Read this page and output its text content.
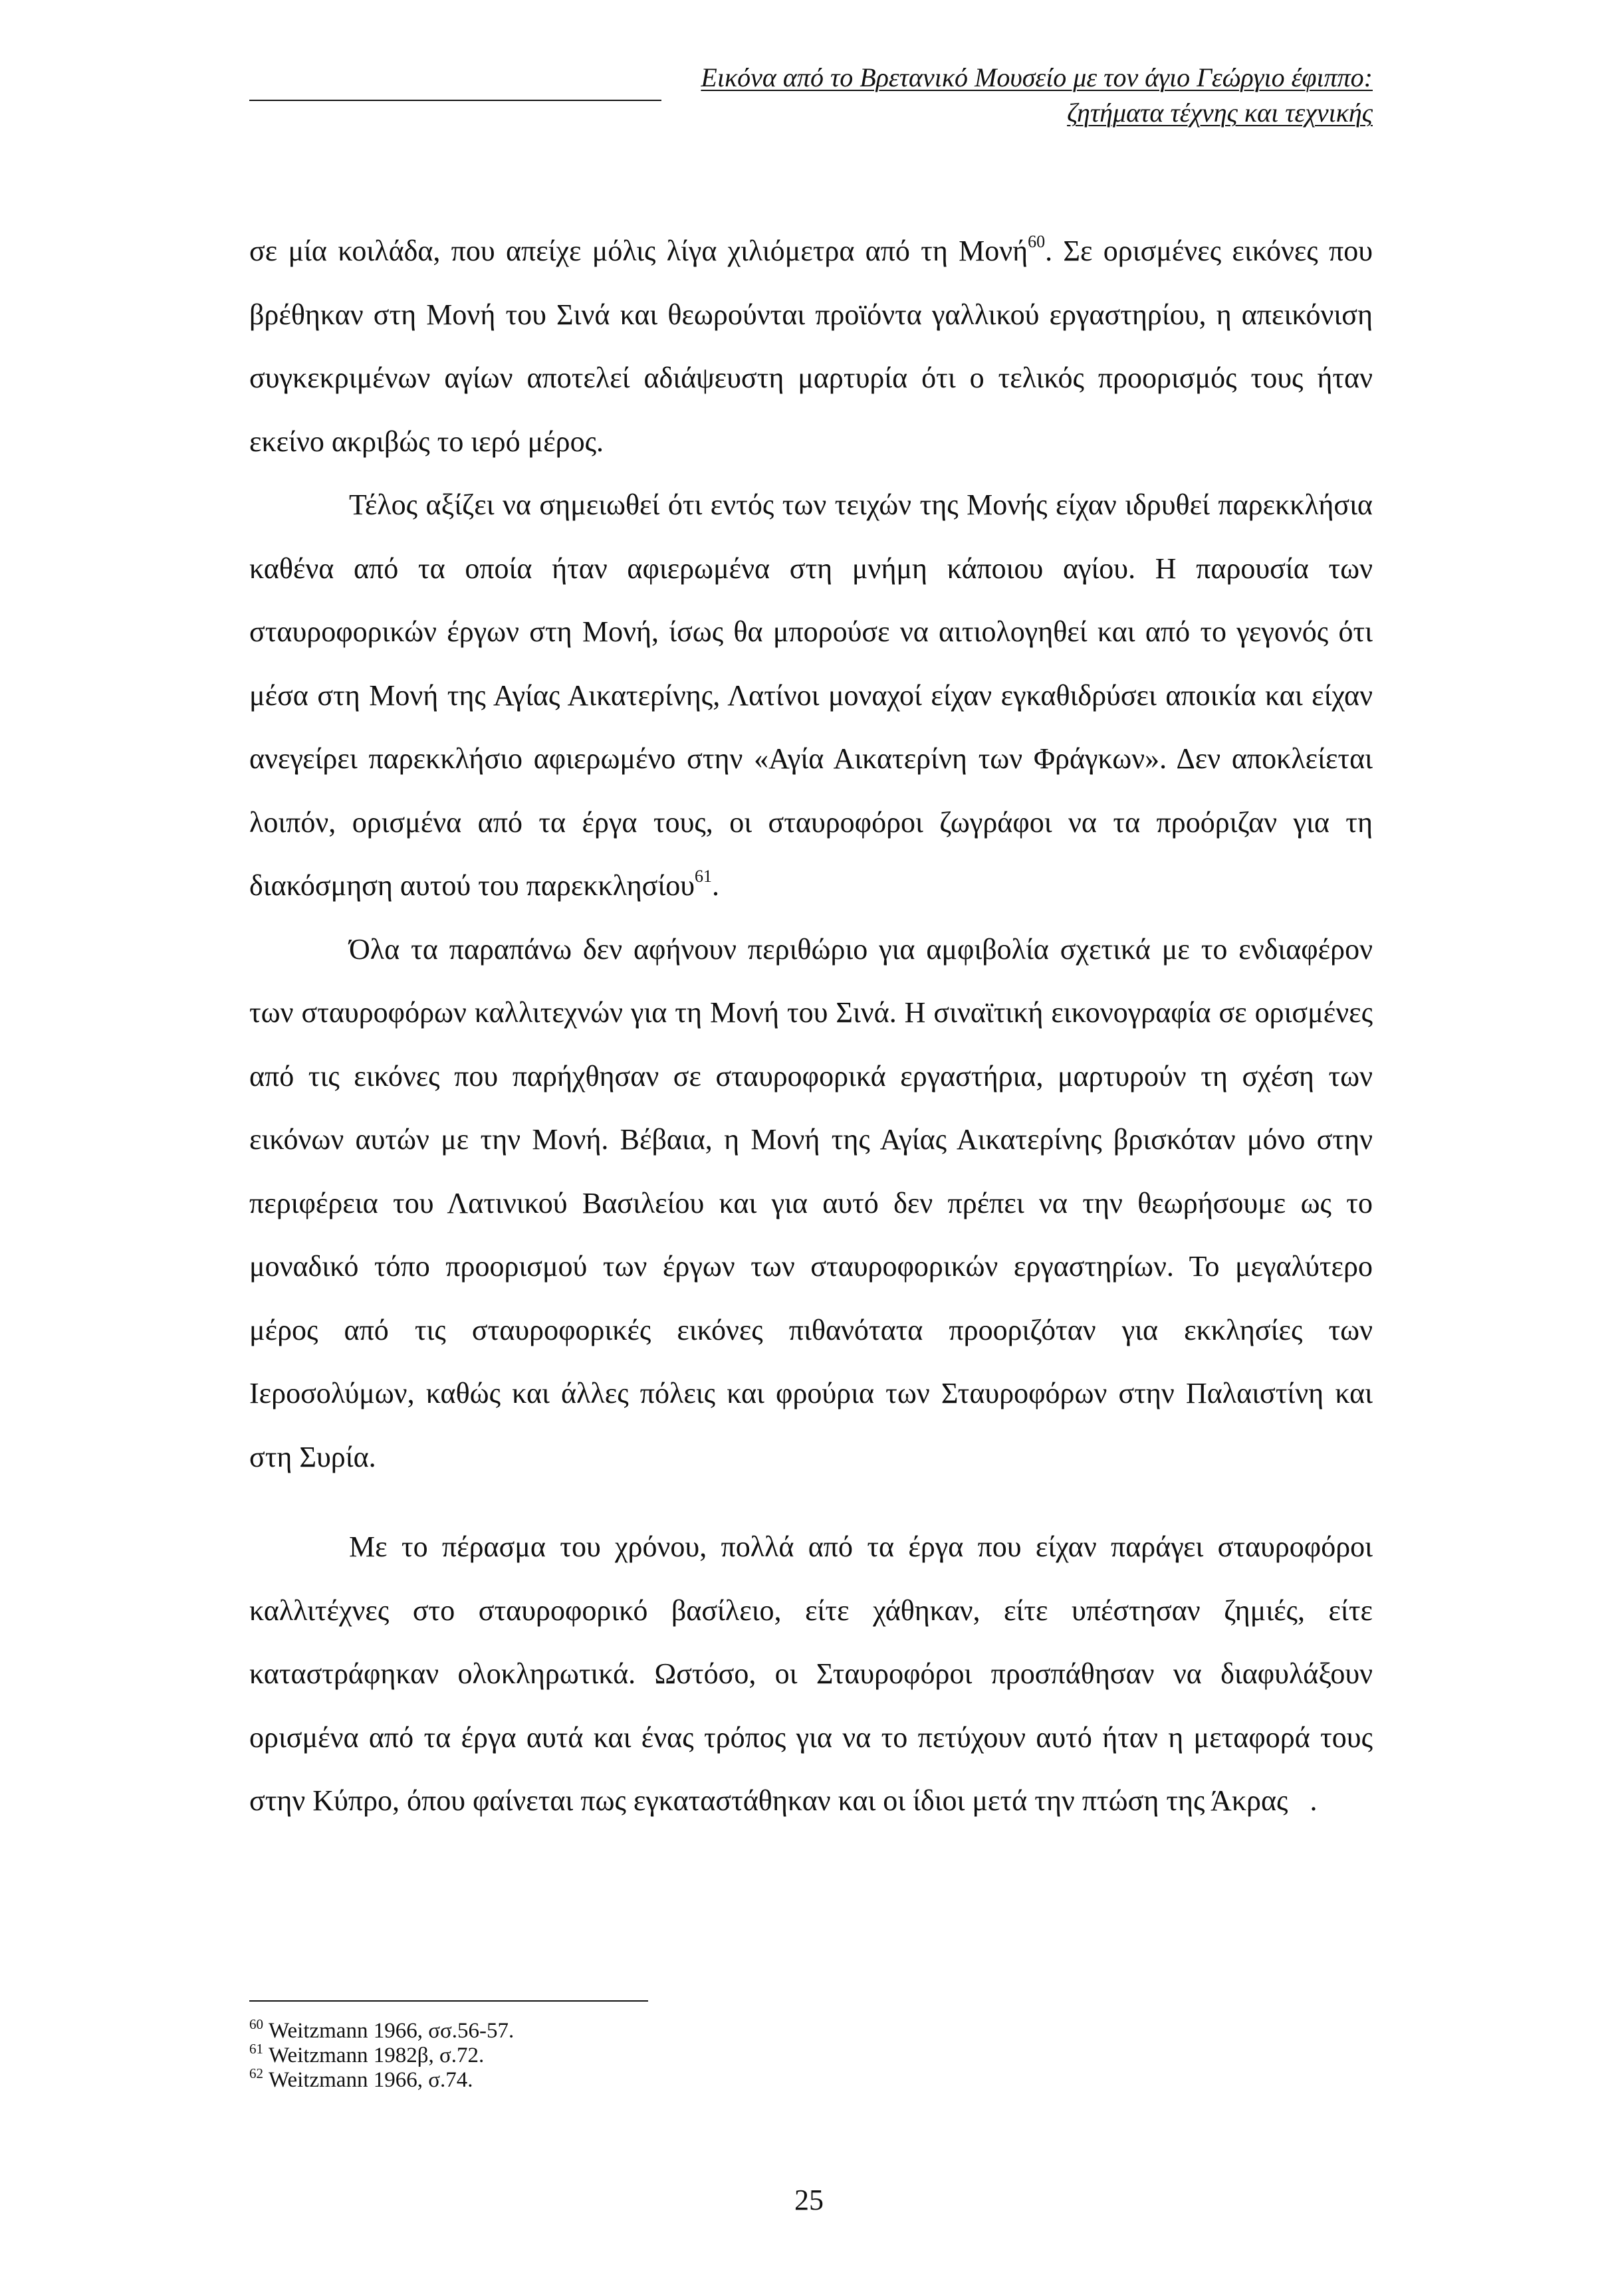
Εικόνα από το Βρετανικό Μουσείο με τον άγιο Γεώργιο έφιππο:
ζητήματα τέχνης και τεχνικής

σε μία κοιλάδα, που απείχε μόλις λίγα χιλιόμετρα από τη Μονή$^{60}$. Σε ορισμένες εικόνες που βρέθηκαν στη Μονή του Σινά και θεωρούνται προϊόντα γαλλικού εργαστηρίου, η απεικόνιση συγκεκριμένων αγίων αποτελεί αδιάψευστη μαρτυρία ότι ο τελικός προορισμός τους ήταν εκείνο ακριβώς το ιερό μέρος.

Τέλος αξίζει να σημειωθεί ότι εντός των τειχών της Μονής είχαν ιδρυθεί παρεκκλήσια καθένα από τα οποία ήταν αφιερωμένα στη μνήμη κάποιου αγίου. Η παρουσία των σταυροφορικών έργων στη Μονή, ίσως θα μπορούσε να αιτιολογηθεί και από το γεγονός ότι μέσα στη Μονή της Αγίας Αικατερίνης, Λατίνοι μοναχοί είχαν εγκαθιδρύσει αποικία και είχαν ανεγείρει παρεκκλήσιο αφιερωμένο στην «Αγία Αικατερίνη των Φράγκων». Δεν αποκλείεται λοιπόν, ορισμένα από τα έργα τους, οι σταυροφόροι ζωγράφοι να τα προόριζαν για τη διακόσμηση αυτού του παρεκκλησίου$^{61}$.

Όλα τα παραπάνω δεν αφήνουν περιθώριο για αμφιβολία σχετικά με το ενδιαφέρον των σταυροφόρων καλλιτεχνών για τη Μονή του Σινά. Η σιναϊτική εικονογραφία σε ορισμένες από τις εικόνες που παρήχθησαν σε σταυροφορικά εργαστήρια, μαρτυρούν τη σχέση των εικόνων αυτών με την Μονή. Βέβαια, η Μονή της Αγίας Αικατερίνης βρισκόταν μόνο στην περιφέρεια του Λατινικού Βασιλείου και για αυτό δεν πρέπει να την θεωρήσουμε ως το μοναδικό τόπο προορισμού των έργων των σταυροφορικών εργαστηρίων. Το μεγαλύτερο μέρος από τις σταυροφορικές εικόνες πιθανότατα προοριζόταν για εκκλησίες των Ιεροσολύμων, καθώς και άλλες πόλεις και φρούρια των Σταυροφόρων στην Παλαιστίνη και στη Συρία.

Με το πέρασμα του χρόνου, πολλά από τα έργα που είχαν παράγει σταυροφόροι καλλιτέχνες στο σταυροφορικό βασίλειο, είτε χάθηκαν, είτε υπέστησαν ζημιές, είτε καταστράφηκαν ολοκληρωτικά. Ωστόσο, οι Σταυροφόροι προσπάθησαν να διαφυλάξουν ορισμένα από τα έργα αυτά και ένας τρόπος για να το πετύχουν αυτό ήταν η μεταφορά τους στην Κύπρο, όπου φαίνεται πως εγκαταστάθηκαν και οι ίδιοι μετά την πτώση της Άκρας .

$^{60}$ Weitzmann 1966, σσ.56-57.

$^{61}$ Weitzmann 1982β, σ.72.

$^{62}$ Weitzmann 1966, σ.74.

25
